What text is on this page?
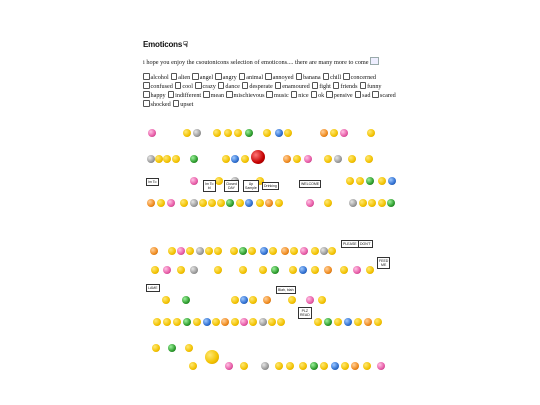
Emoticons☟
i hope you enjoy the csoutonicons selection of emoticons.... there are many more to come
alcohol alien angel angry animal annoyed banana chill concernedconfused cool crazy dance desperate enamoured fight friends funnyhappy indifferent mean mischievous music nice ok pensive sad scaredshocked upset
Im To	Im To
bl
Closed
DAY
Up
Sample Drinking	WELCOME
PLEASE DON'T
FEED
ME
LAME	Blah, blah
PLZ
READ
